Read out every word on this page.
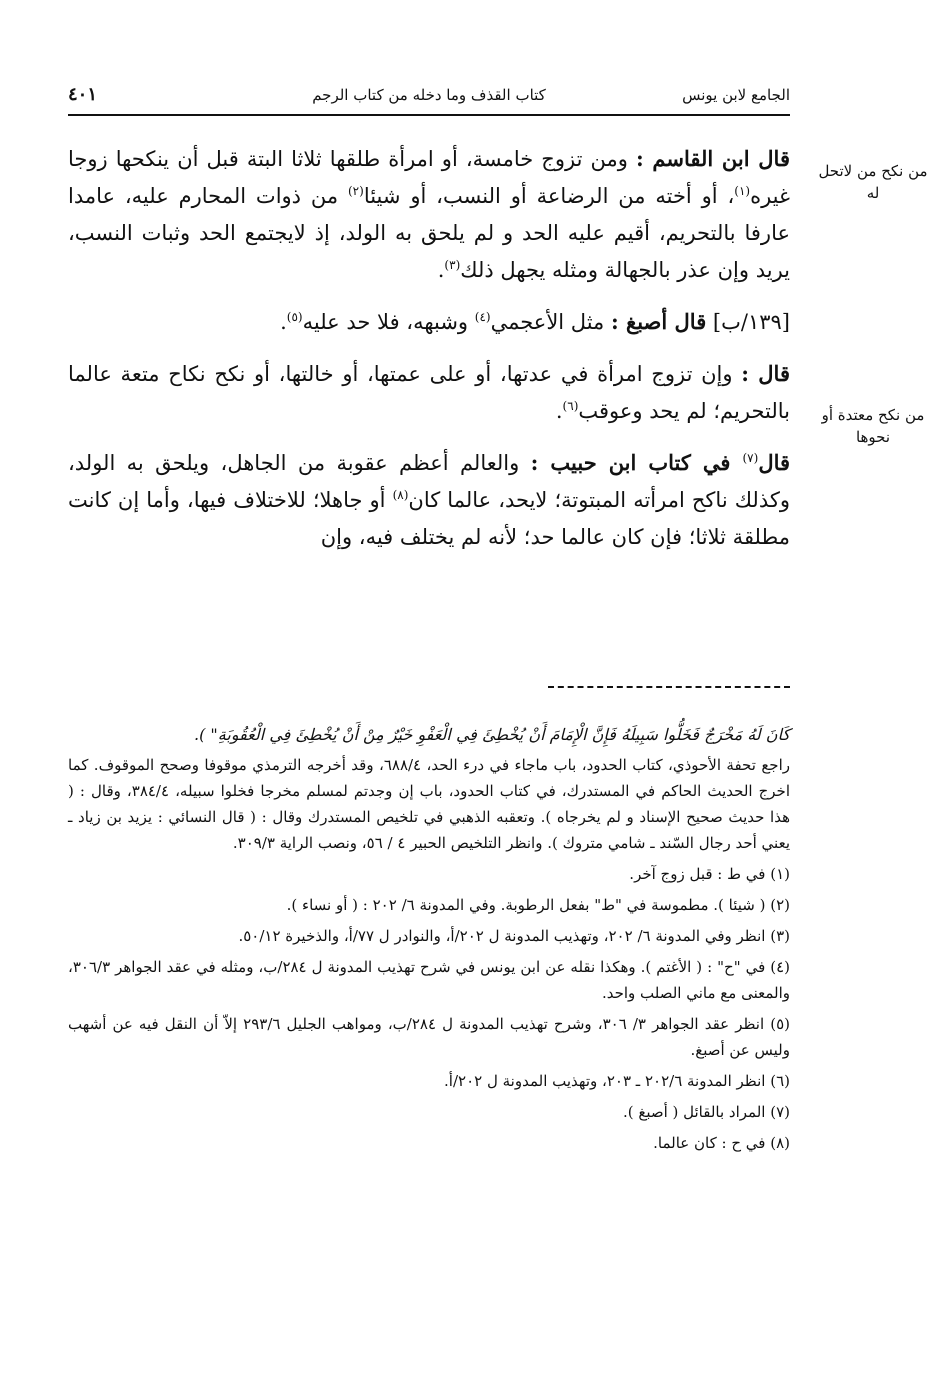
الجامع لابن يونس
كتاب القذف وما دخله من كتاب الرجم
٤٠١
من نكح من لاتحل له
من نكح معتدة أو نحوها

قال ابن القاسم : ومن تزوج خامسة، أو امرأة طلقها ثلاثا البتة قبل أن ينكحها زوجا غيره$^{(١)}$، أو أخته من الرضاعة أو النسب، أو شيئا$^{(٢)}$ من ذوات المحارم عليه، عامدا عارفا بالتحريم، أقيم عليه الحد و لم يلحق به الولد، إذ لايجتمع الحد وثبات النسب، يريد وإن عذر بالجهالة ومثله يجهل ذلك$^{(٣)}$.

[١٣٩/ب] قال أصبغ : مثل الأعجمي$^{(٤)}$ وشبهه، فلا حد عليه$^{(٥)}$.

قال : وإن تزوج امرأة في عدتها، أو على عمتها، أو خالتها، أو نكح نكاح متعة عالما بالتحريم؛ لم يحد وعوقب$^{(٦)}$.

قال$^{(٧)}$ في كتاب ابن حبيب : والعالم أعظم عقوبة من الجاهل، ويلحق به الولد، وكذلك ناكح امرأته المبتوتة؛ لايحد، عالما كان$^{(٨)}$ أو جاهلا؛ للاختلاف فيها، وأما إن كانت مطلقة ثلاثا؛ فإن كان عالما حد؛ لأنه لم يختلف فيه، وإن

كَانَ لَهُ مَخْرَجٌ فَخَلُّوا سَبِيلَهُ فَإِنَّ الْإِمَامَ أَنْ يُخْطِئَ فِي الْعَفْوِ خَيْرٌ مِنْ أَنْ يُخْطِئَ فِي الْعُقُوبَةِ" ).
راجع تحفة الأحوذي، كتاب الحدود، باب ماجاء في درء الحد، ٦٨٨/٤، وقد أخرجه الترمذي موقوفا وصحح الموقوف. كما اخرج الحديث الحاكم في المستدرك، في كتاب الحدود، باب إن وجدتم لمسلم مخرجا فخلوا سبيله، ٣٨٤/٤، وقال : ( هذا حديث صحيح الإسناد و لم يخرجاه ). وتعقبه الذهبي في تلخيص المستدرك وقال : ( قال النسائي : يزيد بن زياد ـ يعني أحد رجال السّند ـ شامي متروك ). وانظر التلخيص الحبير ٤ / ٥٦، ونصب الراية ٣٠٩/٣.
(١) في ط : قبل زوج آخر.
(٢) ( شيئا ). مطموسة في "ط" بفعل الرطوبة. وفي المدونة ٦/ ٢٠٢ : ( أو نساء ).
(٣) انظر وفي المدونة ٦/ ٢٠٢، وتهذيب المدونة ل ٢٠٢/أ، والنوادر ل ٧٧/أ، والذخيرة ٥٠/١٢.
(٤) في "ح" : ( الأغتم ). وهكذا نقله عن ابن يونس في شرح تهذيب المدونة ل ٢٨٤/ب، ومثله في عقد الجواهر ٣٠٦/٣، والمعنى مع ماني الصلب واحد.
(٥) انظر عقد الجواهر ٣/ ٣٠٦، وشرح تهذيب المدونة ل ٢٨٤/ب، ومواهب الجليل ٢٩٣/٦ إلاّ أن النقل فيه عن أشهب وليس عن أصبغ.
(٦) انظر المدونة ٢٠٢/٦ ـ ٢٠٣، وتهذيب المدونة ل ٢٠٢/أ.
(٧) المراد بالقائل ( أصبغ ).
(٨) في ح : كان عالما.
